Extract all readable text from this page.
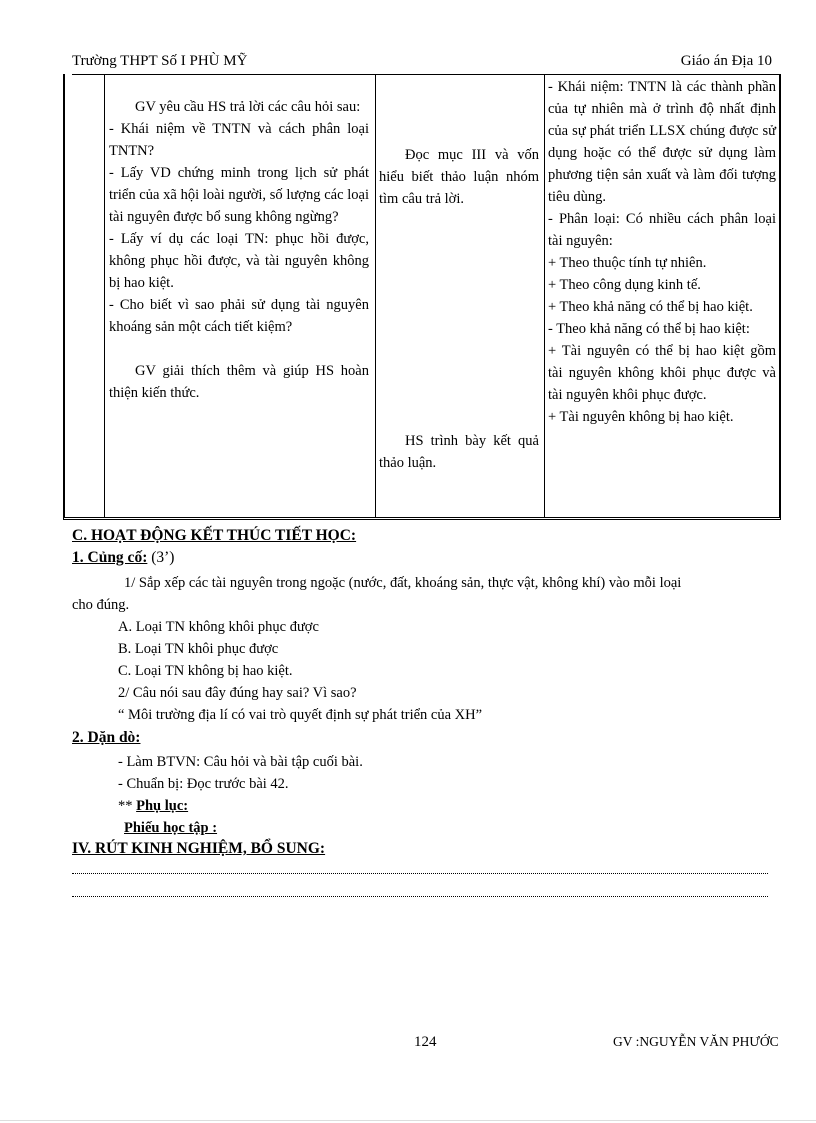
Trường THPT Số I PHÙ MỸ	Giáo án Địa 10

GV yêu cầu HS trả lời các câu hỏi sau:

- Khái niệm về TNTN và cách phân loại TNTN?

- Lấy VD chứng minh trong lịch sử phát triển của xã hội loài người, số lượng các loại tài nguyên được bổ sung không ngừng?

- Lấy ví dụ các loại TN: phục hồi được, không phục hồi được, và tài nguyên không bị hao kiệt.

- Cho biết vì sao phải sử dụng tài nguyên khoáng sản một cách tiết kiệm?

GV giải thích thêm và giúp HS hoàn thiện kiến thức.

Đọc mục III và vốn hiểu biết thảo luận nhóm tìm câu trả lời.

HS trình bày kết quả thảo luận.

- Khái niệm: TNTN là các thành phần của tự nhiên mà ở trình độ nhất định của sự phát triển LLSX chúng được sử dụng hoặc có thể được sử dụng làm phương tiện sản xuất và làm đối tượng tiêu dùng.

- Phân loại: Có nhiều cách phân loại tài nguyên:

+ Theo thuộc tính tự nhiên.

+ Theo công dụng kinh tế.

+ Theo khả năng có thể bị hao kiệt.

- Theo khả năng có thể bị hao kiệt:

+ Tài nguyên có thể bị hao kiệt gồm tài nguyên không khôi phục được và tài nguyên khôi phục được.

+ Tài nguyên không bị hao kiệt.

C. HOẠT ĐỘNG KẾT THÚC TIẾT HỌC:
1. Củng cố: (3’)

1/ Sắp xếp các tài nguyên trong ngoặc (nước, đất, khoáng sản, thực vật, không khí) vào mỗi loại

cho đúng.

A. Loại TN không khôi phục được

B. Loại TN khôi phục được

C. Loại TN không bị hao kiệt.

2/ Câu nói sau đây đúng hay sai? Vì sao?

“ Môi trường địa lí có vai trò quyết định sự phát triển của XH”

2. Dặn dò:

- Làm BTVN: Câu hỏi và bài tập cuối bài.

- Chuẩn bị: Đọc trước bài 42.

** Phụ lục:

Phiếu học tập :

IV. RÚT KINH NGHIỆM, BỔ SUNG:
124	GV :NGUYỄN VĂN PHƯỚC
